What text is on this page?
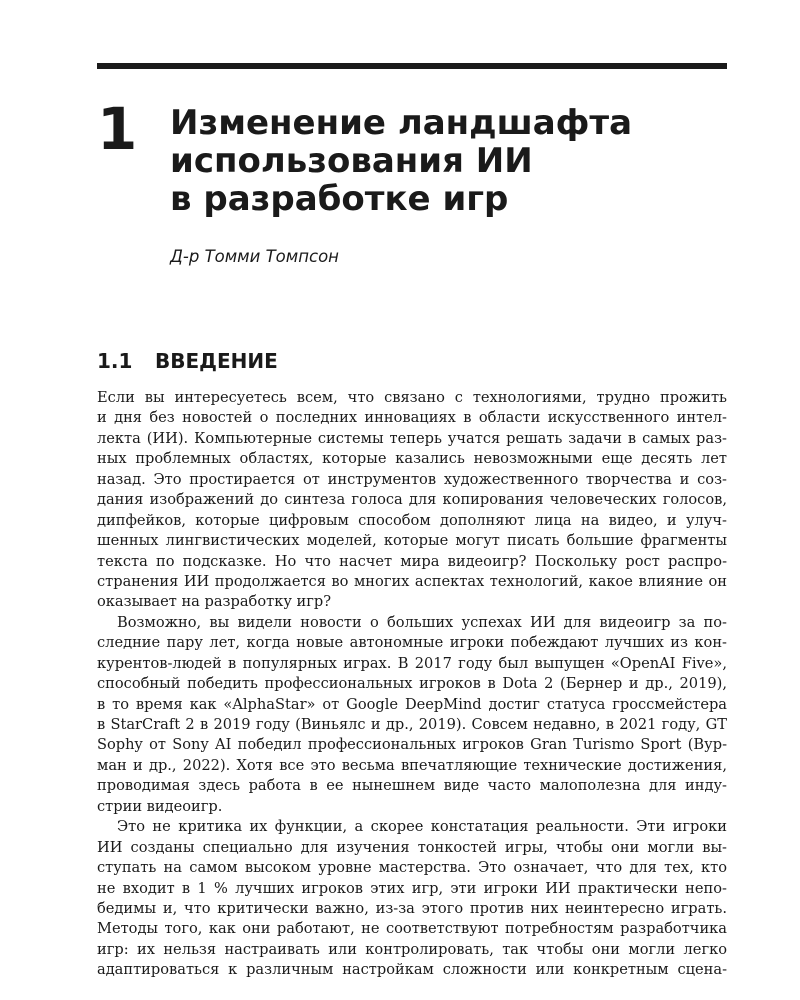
1 Изменение ландшафта
использования ИИ
в разработке игр
Д-р Томми Томпсон
1.1 ВВЕДЕНИЕ
Если вы интересуетесь всем, что связано с технологиями, трудно прожить
и дня без новостей о последних инновациях в области искусственного интел-
лекта (ИИ). Компьютерные системы теперь учатся решать задачи в самых раз-
ных проблемных областях, которые казались невозможными еще десять лет
назад. Это простирается от инструментов художественного творчества и соз-
дания изображений до синтеза голоса для копирования человеческих голосов,
дипфейков, которые цифровым способом дополняют лица на видео, и улуч-
шенных лингвистических моделей, которые могут писать большие фрагменты
текста по подсказке. Но что насчет мира видеоигр? Поскольку рост распро-
странения ИИ продолжается во многих аспектах технологий, какое влияние он
оказывает на разработку игр?
Возможно, вы видели новости о больших успехах ИИ для видеоигр за по-
следние пару лет, когда новые автономные игроки побеждают лучших из кон-
курентов-людей в популярных играх. В 2017 году был выпущен «OpenAI Five»,
способный победить профессиональных игроков в Dota 2 (Бернер и др., 2019),
в то время как «AlphaStar» от Google DeepMind достиг статуса гроссмейстера
в StarCraft 2 в 2019 году (Виньялс и др., 2019). Совсем недавно, в 2021 году, GT
Sophy от Sony AI победил профессиональных игроков Gran Turismo Sport (Вур-
ман и др., 2022). Хотя все это весьма впечатляющие технические достижения,
проводимая здесь работа в ее нынешнем виде часто малополезна для инду-
стрии видеоигр.
Это не критика их функции, а скорее констатация реальности. Эти игроки
ИИ созданы специально для изучения тонкостей игры, чтобы они могли вы-
ступать на самом высоком уровне мастерства. Это означает, что для тех, кто
не входит в 1 % лучших игроков этих игр, эти игроки ИИ практически непо-
бедимы и, что критически важно, из-за этого против них неинтересно играть.
Методы того, как они работают, не соответствуют потребностям разработчика
игр: их нельзя настраивать или контролировать, так чтобы они могли легко
адаптироваться к различным настройкам сложности или конкретным сцена-
